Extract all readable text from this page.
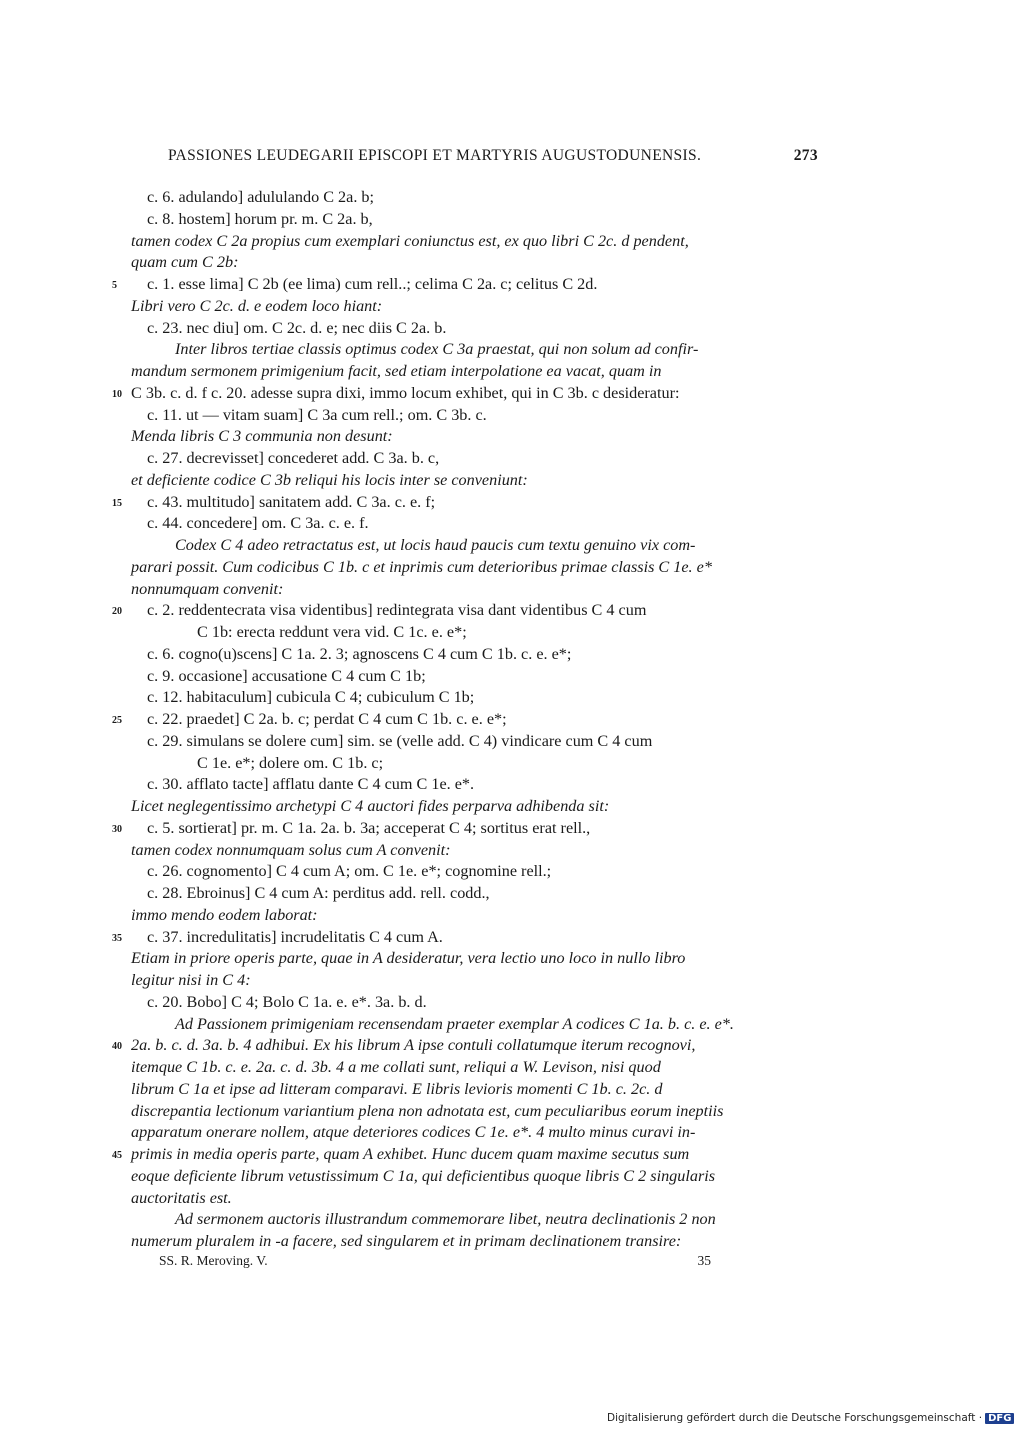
PASSIONES LEUDEGARII EPISCOPI ET MARTYRIS AUGUSTODUNENSIS.	273
c. 6. adulando] adululando C 2a. b;
c. 8. hostem] horum pr. m. C 2a. b,
tamen codex C 2a propius cum exemplari coniunctus est, ex quo libri C 2c. d pendent,
quam cum C 2b:
c. 1. esse lima] C 2b (ee lima) cum rell..; celima C 2a. c; celitus C 2d.
Libri vero C 2c. d. e eodem loco hiant:
c. 23. nec diu] om. C 2c. d. e; nec diis C 2a. b.
Inter libros tertiae classis optimus codex C 3a praestat, qui non solum ad confir-
mandum sermonem primigenium facit, sed etiam interpolatione ea vacat, quam in
C 3b. c. d. f c. 20. adesse supra dixi, immo locum exhibet, qui in C 3b. c desideratur:
c. 11. ut — vitam suam] C 3a cum rell.; om. C 3b. c.
Menda libris C 3 communia non desunt:
c. 27. decrevisset] concederet add. C 3a. b. c,
et deficiente codice C 3b reliqui his locis inter se conveniunt:
c. 43. multitudo] sanitatem add. C 3a. c. e. f;
c. 44. concedere] om. C 3a. c. e. f.
Codex C 4 adeo retractatus est, ut locis haud paucis cum textu genuino vix com-
parari possit. Cum codicibus C 1b. c et inprimis cum deterioribus primae classis C 1e. e*
nonnumquam convenit:
c. 2. reddentecrata visa videntibus] redintegrata visa dant videntibus C 4 cum
C 1b: erecta reddunt vera vid. C 1c. e. e*;
c. 6. cogno(u)scens] C 1a. 2. 3; agnoscens C 4 cum C 1b. c. e. e*;
c. 9. occasione] accusatione C 4 cum C 1b;
c. 12. habitaculum] cubicula C 4; cubiculum C 1b;
c. 22. praedet] C 2a. b. c; perdat C 4 cum C 1b. c. e. e*;
c. 29. simulans se dolere cum] sim. se (velle add. C 4) vindicare cum C 4 cum
C 1e. e*; dolere om. C 1b. c;
c. 30. afflato tacte] afflatu dante C 4 cum C 1e. e*.
Licet neglegentissimo archetypi C 4 auctori fides perparva adhibenda sit:
c. 5. sortierat] pr. m. C 1a. 2a. b. 3a; acceperat C 4; sortitus erat rell.,
tamen codex nonnumquam solus cum A convenit:
c. 26. cognomento] C 4 cum A; om. C 1e. e*; cognomine rell.;
c. 28. Ebroinus] C 4 cum A: perditus add. rell. codd.,
immo mendo eodem laborat:
c. 37. incredulitatis] incrudelitatis C 4 cum A.
Etiam in priore operis parte, quae in A desideratur, vera lectio uno loco in nullo libro
legitur nisi in C 4:
c. 20. Bobo] C 4; Bolo C 1a. e. e*. 3a. b. d.
Ad Passionem primigeniam recensendam praeter exemplar A codices C 1a. b. c. e. e*.
2a. b. c. d. 3a. b. 4 adhibui. Ex his librum A ipse contuli collatumque iterum recognovi,
itemque C 1b. c. e. 2a. c. d. 3b. 4 a me collati sunt, reliqui a W. Levison, nisi quod
librum C 1a et ipse ad litteram comparavi. E libris levioris momenti C 1b. c. 2c. d
discrepantia lectionum variantium plena non adnotata est, cum peculiaribus eorum ineptiis
apparatum onerare nollem, atque deteriores codices C 1e. e*. 4 multo minus curavi in-
primis in media operis parte, quam A exhibet. Hunc ducem quam maxime secutus sum
eoque deficiente librum vetustissimum C 1a, qui deficientibus quoque libris C 2 singularis
auctoritatis est.
Ad sermonem auctoris illustrandum commemorare libet, neutra declinationis 2 non
numerum pluralem in -a facere, sed singularem et in primam declinationem transire:
5
10
15
20
25
30
35
40
45
SS. R. Meroving. V.	35
Digitalisierung gefördert durch die Deutsche Forschungsgemeinschaft · DFG
